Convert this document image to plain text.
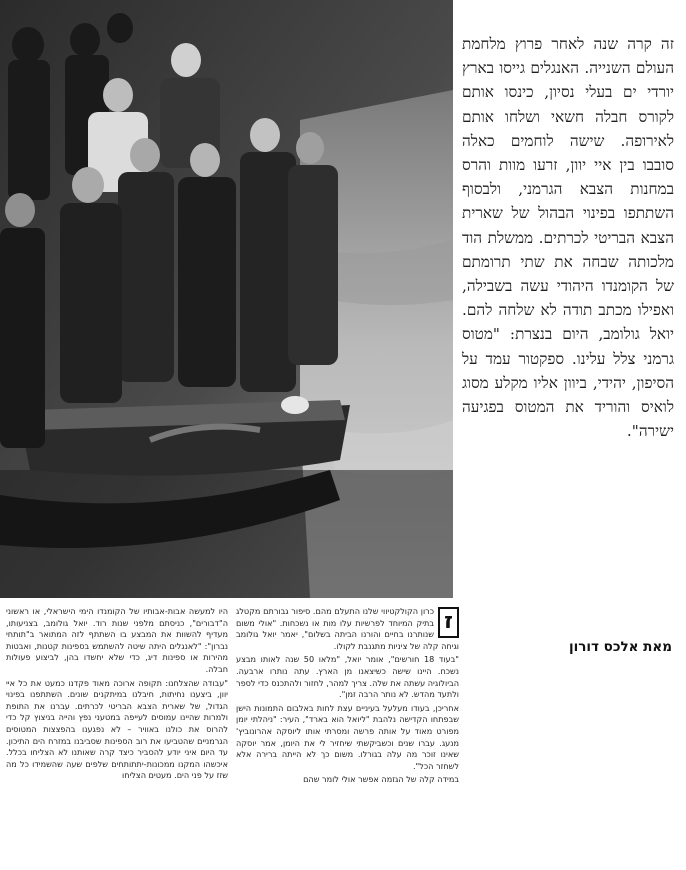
זה קרה שנה לאחר פרוץ מלחמת העולם השנייה. האנגלים גייסו בארץ יורדי ים בעלי נסיון, כינסו אותם לקורס חבלה חשאי ושלחו אותם לאירופה. שישה לוחמים כאלה סובבו בין איי יוון, זרעו מוות והרס במחנות הצבא הגרמני, ולבסוף השתתפו בפינוי הבהול של שארית הצבא הבריטי לכרתים. ממשלת הוד מלכותה שבחה את שתי תרומתם של הקומנדו היהודי עשה בשבילה, ואפילו מכתב תודה לא שלחה להם. יואל גולומב, היום בנצרת: "מטוס גרמני צלל עלינו. ספקטור עמד על הסיפון, יהידי, ביוון אליו מקלע מסוג לואיס והוריד את המטוס בפגיעה ישירה".

מאת אלכס דורון
ז

כרון הקולקטיווי שלנו התעלם מהם. סיפור גבורתם מקטלג בתיק המיוחד לפרשיות עלו מות או נשכחות. "אולי משום שנותרנו בחיים והורנו הביתה בשלום", יאמר יואל גולומב וגיחה קלה של ציניות מתגנבת לקולו.

"בעוד 18 חורשים", אומר יואל, "מלאו 50 שנה לאותו מבצע נשכח. היינו שישה כשיצאנו מן הארץ. עתה נותרו ארבעה. הביולוגיה עשתה את שלה. צריך למהר, לחזור ולהתכנס כדי לספר ולתעד מהדש. לא נותר הרבה זמן".

אחריכן, בעודו מעלעל בעיניים עצת לחות באלבום התמונות הישן שבפתחו הקדישה נלהבת "ליואל הוא בארד", העיר: "ניהלתי יומן מפורט מאוד על אותה פרשה ומסרתי אותו ליוסקה אהרונוביץ' מנעג. עברו שנים וכשביקשתי שיחזיר לי את היומן, אמר יוסקה שאינו זוכר מה עלה בגורלו. משום כך לא הייתה ברירה אלא לשחזר הכל".

במידה קלה של הגזמה אפשר אולי לומר שהם

היו למעשה אבות-אבותיו של הקומנדו הימי הישראלי, או ראשוני ה"דבורים", כניסתם מלפני שנות רוד. יואל גולומב, בצניעותו, מעדיף להשוות את המבצע בו השתתף לזה המתואר ב"תותחי נברון": "לאנגלים היתה שיטה להשתמש בספינות קטנות, ואבטות מהירות או ספינות דיג, כדי שלא יחשדו בהן, לביצוע פעולות חבלה.

"עבודה שהצלחנו: תקופה ארוכה מאוד פקדנו כמעט את כל איי יוון, ביצענו נחיתות, חיבלנו במיתקנים שונים. השתתפנו בפינוי הגדול, של שארית הצבא הבריטי לכרתים. עברנו את התופת ולמרות שהיינו עמוסים לעייפה במטעני נפץ והייה בניצוץ קל כדי להרוס את כולנו באוויר – לא נפגענו בהפצצות המטוסים הגרמניים שהטביעו את רוב הספינות שסביבנו במזרח הים התיכון. עד היום איני יודע להסביר כיצד קרה שאותנו לא הצליחו בכלל. איכשהו המקנו ממכונות-יתתותחים שלפים שעה שהשמידו כל מה שזז על פני הים. מעטים הצליחו
